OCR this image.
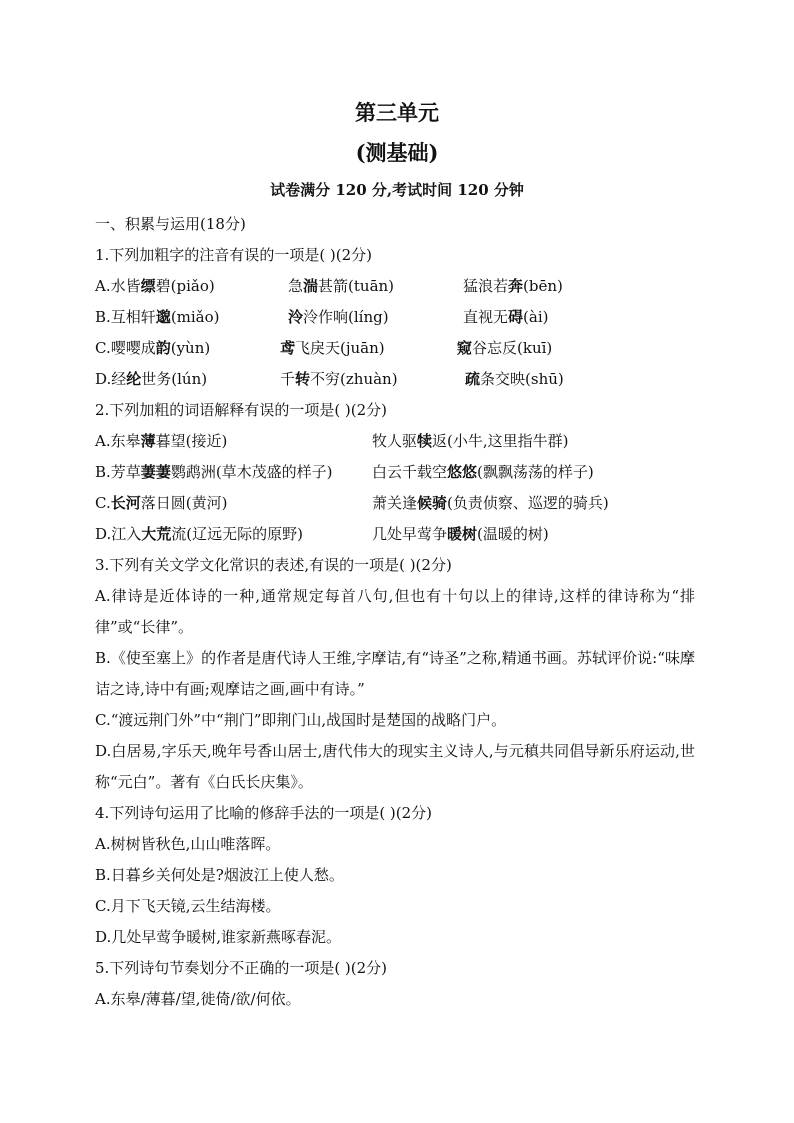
第三单元
(测基础)
试卷满分 120 分,考试时间 120 分钟
一、积累与运用(18分)
1.下列加粗字的注音有误的一项是( )(2分)
A.水皆缥碧(piǎo)	急湍甚箭(tuān)	猛浪若奔(bēn)
B.互相轩邈(miǎo)	泠泠作响(líng)	直视无碍(ài)
C.嘤嘤成韵(yùn)	鸢飞戾天(juān)	窥谷忘反(kuī)
D.经纶世务(lún)	千转不穷(zhuàn)	疏条交映(shū)
2.下列加粗的词语解释有误的一项是( )(2分)
A.东皋薄暮望(接近)	牧人驱犊返(小牛,这里指牛群)
B.芳草萋萋鹦鹉洲(草木茂盛的样子)	白云千载空悠悠(飘飘荡荡的样子)
C.长河落日圆(黄河)	萧关逢候骑(负责侦察、巡逻的骑兵)
D.江入大荒流(辽远无际的原野)	几处早莺争暖树(温暖的树)
3.下列有关文学文化常识的表述,有误的一项是( )(2分)
A.律诗是近体诗的一种,通常规定每首八句,但也有十句以上的律诗,这样的律诗称为“排律”或“长律”。
B.《使至塞上》的作者是唐代诗人王维,字摩诘,有“诗圣”之称,精通书画。苏轼评价说:“味摩诘之诗,诗中有画;观摩诘之画,画中有诗。”
C.“渡远荆门外”中“荆门”即荆门山,战国时是楚国的战略门户。
D.白居易,字乐天,晚年号香山居士,唐代伟大的现实主义诗人,与元稹共同倡导新乐府运动,世称“元白”。著有《白氏长庆集》。
4.下列诗句运用了比喻的修辞手法的一项是( )(2分)
A.树树皆秋色,山山唯落晖。
B.日暮乡关何处是?烟波江上使人愁。
C.月下飞天镜,云生结海楼。
D.几处早莺争暖树,谁家新燕啄春泥。
5.下列诗句节奏划分不正确的一项是( )(2分)
A.东皋/薄暮/望,徙倚/欲/何依。
